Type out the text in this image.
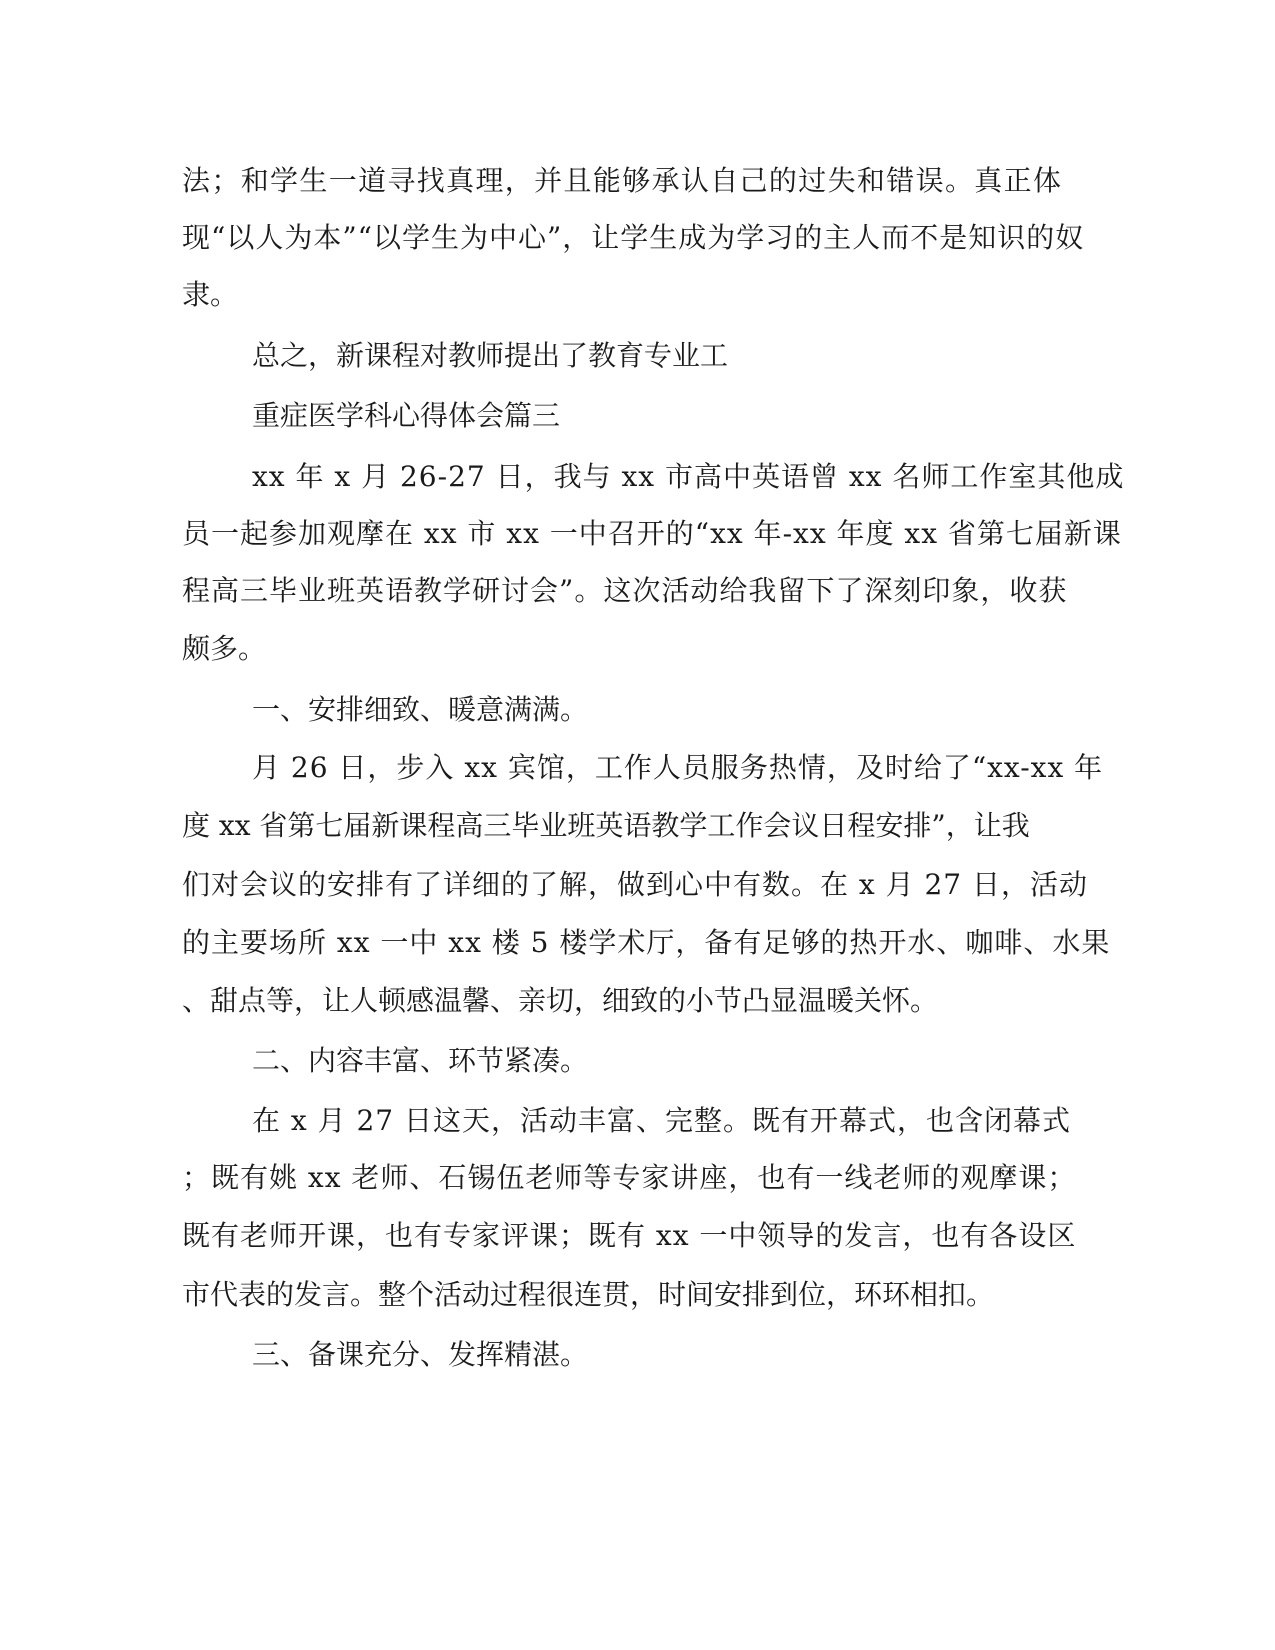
法；和学生一道寻找真理，并且能够承认自己的过失和错误。真正体
现“以人为本”“以学生为中心”，让学生成为学习的主人而不是知识的奴
隶。
总之，新课程对教师提出了教育专业工
重症医学科心得体会篇三
xx 年 x 月 26-27 日，我与 xx 市高中英语曾 xx 名师工作室其他成
员一起参加观摩在 xx 市 xx 一中召开的“xx 年-xx 年度 xx 省第七届新课
程高三毕业班英语教学研讨会”。这次活动给我留下了深刻印象，收获
颇多。
一、安排细致、暖意满满。
月 26 日，步入 xx 宾馆，工作人员服务热情，及时给了“xx-xx 年
度 xx 省第七届新课程高三毕业班英语教学工作会议日程安排”，让我
们对会议的安排有了详细的了解，做到心中有数。在 x 月 27 日，活动
的主要场所 xx 一中 xx 楼 5 楼学术厅，备有足够的热开水、咖啡、水果
、甜点等，让人顿感温馨、亲切，细致的小节凸显温暖关怀。
二、内容丰富、环节紧凑。
在 x 月 27 日这天，活动丰富、完整。既有开幕式，也含闭幕式
；既有姚 xx 老师、石锡伍老师等专家讲座，也有一线老师的观摩课；
既有老师开课，也有专家评课；既有 xx 一中领导的发言，也有各设区
市代表的发言。整个活动过程很连贯，时间安排到位，环环相扣。
三、备课充分、发挥精湛。
